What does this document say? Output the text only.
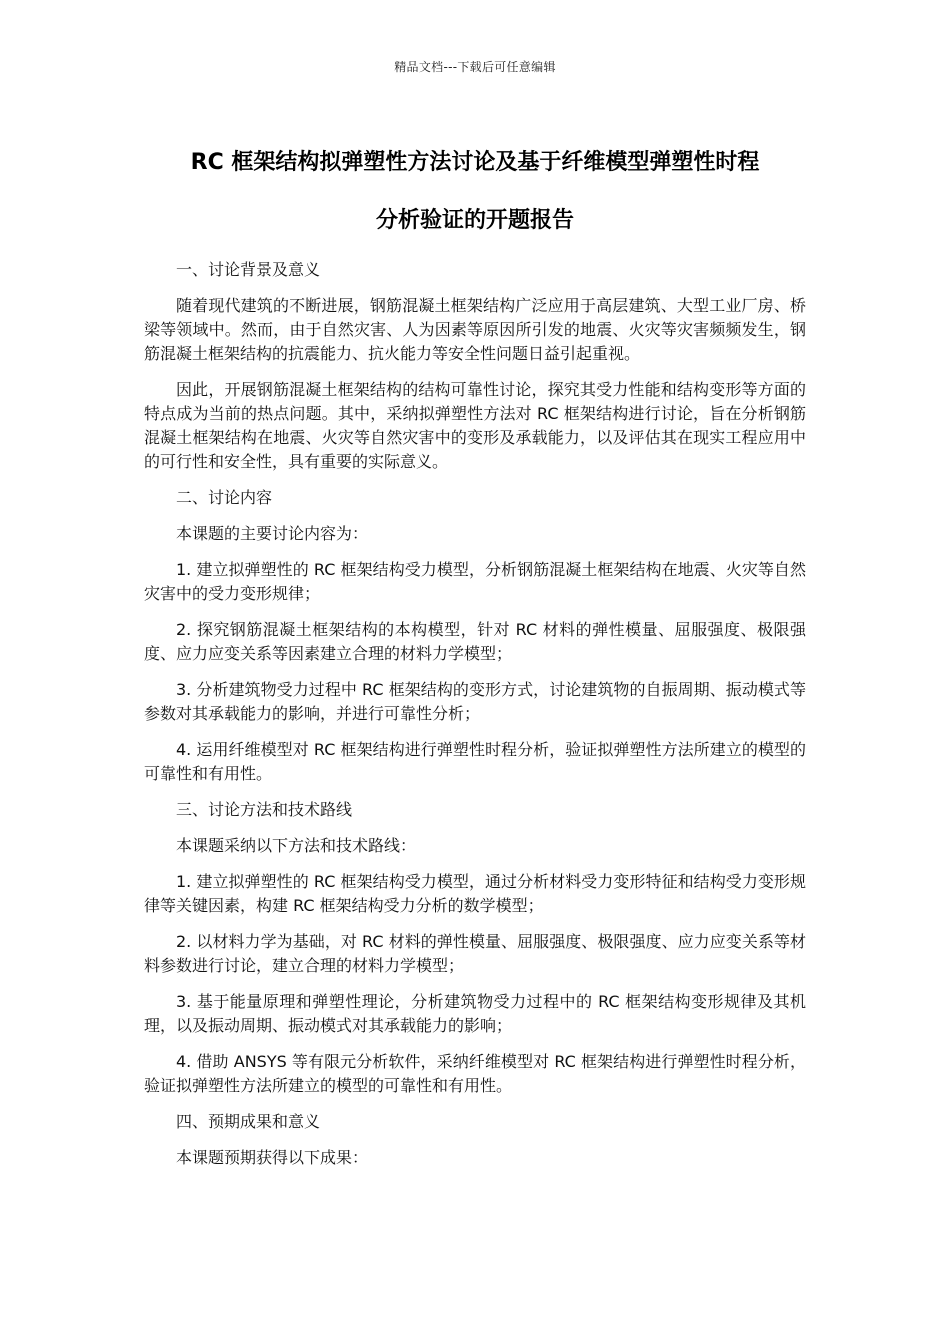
精品文档---下载后可任意编辑
RC 框架结构拟弹塑性方法讨论及基于纤维模型弹塑性时程
分析验证的开题报告

一、讨论背景及意义

随着现代建筑的不断进展，钢筋混凝土框架结构广泛应用于高层建筑、大型工业厂房、桥梁等领域中。然而，由于自然灾害、人为因素等原因所引发的地震、火灾等灾害频频发生，钢筋混凝土框架结构的抗震能力、抗火能力等安全性问题日益引起重视。

因此，开展钢筋混凝土框架结构的结构可靠性讨论，探究其受力性能和结构变形等方面的特点成为当前的热点问题。其中，采纳拟弹塑性方法对 RC 框架结构进行讨论，旨在分析钢筋混凝土框架结构在地震、火灾等自然灾害中的变形及承载能力，以及评估其在现实工程应用中的可行性和安全性，具有重要的实际意义。

二、讨论内容

本课题的主要讨论内容为：

1. 建立拟弹塑性的 RC 框架结构受力模型，分析钢筋混凝土框架结构在地震、火灾等自然灾害中的受力变形规律；

2. 探究钢筋混凝土框架结构的本构模型，针对 RC 材料的弹性模量、屈服强度、极限强度、应力应变关系等因素建立合理的材料力学模型；

3. 分析建筑物受力过程中 RC 框架结构的变形方式，讨论建筑物的自振周期、振动模式等参数对其承载能力的影响，并进行可靠性分析；

4. 运用纤维模型对 RC 框架结构进行弹塑性时程分析，验证拟弹塑性方法所建立的模型的可靠性和有用性。

三、讨论方法和技术路线

本课题采纳以下方法和技术路线：

1. 建立拟弹塑性的 RC 框架结构受力模型，通过分析材料受力变形特征和结构受力变形规律等关键因素，构建 RC 框架结构受力分析的数学模型；

2. 以材料力学为基础，对 RC 材料的弹性模量、屈服强度、极限强度、应力应变关系等材料参数进行讨论，建立合理的材料力学模型；

3. 基于能量原理和弹塑性理论，分析建筑物受力过程中的 RC 框架结构变形规律及其机理，以及振动周期、振动模式对其承载能力的影响；

4. 借助 ANSYS 等有限元分析软件，采纳纤维模型对 RC 框架结构进行弹塑性时程分析，验证拟弹塑性方法所建立的模型的可靠性和有用性。

四、预期成果和意义

本课题预期获得以下成果：
